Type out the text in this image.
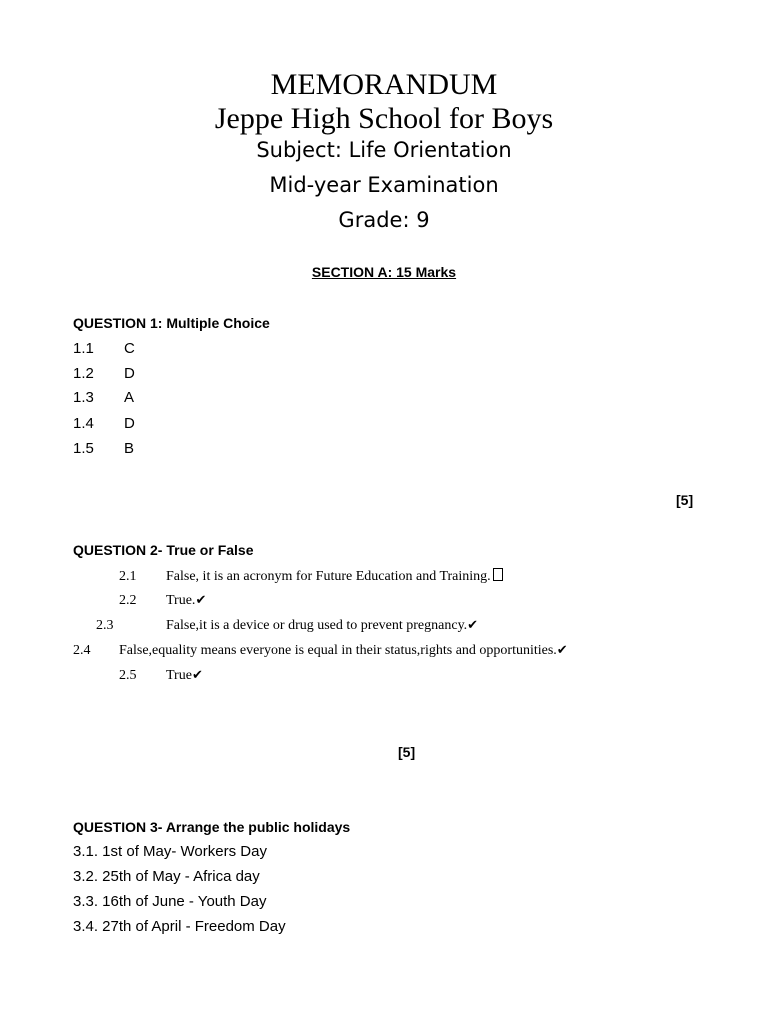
MEMORANDUM
Jeppe High School for Boys
Subject: Life Orientation
Mid-year Examination
Grade: 9
SECTION A: 15 Marks
QUESTION 1: Multiple Choice
1.1 C
1.2 D
1.3 A
1.4 D
1.5 B
[5]
QUESTION 2- True or False
2.1 False, it is an acronym for Future Education and Training.
2.2 True.✔
2.3	False,it is a device or drug used to prevent pregnancy.✔
2.4 False,equality means everyone is equal in their status,rights and opportunities.✔
2.5 True✔
[5]
QUESTION 3- Arrange the public holidays
3.1. 1st of May- Workers Day
3.2. 25th of May - Africa day
3.3. 16th of June - Youth Day
3.4. 27th of April - Freedom Day
